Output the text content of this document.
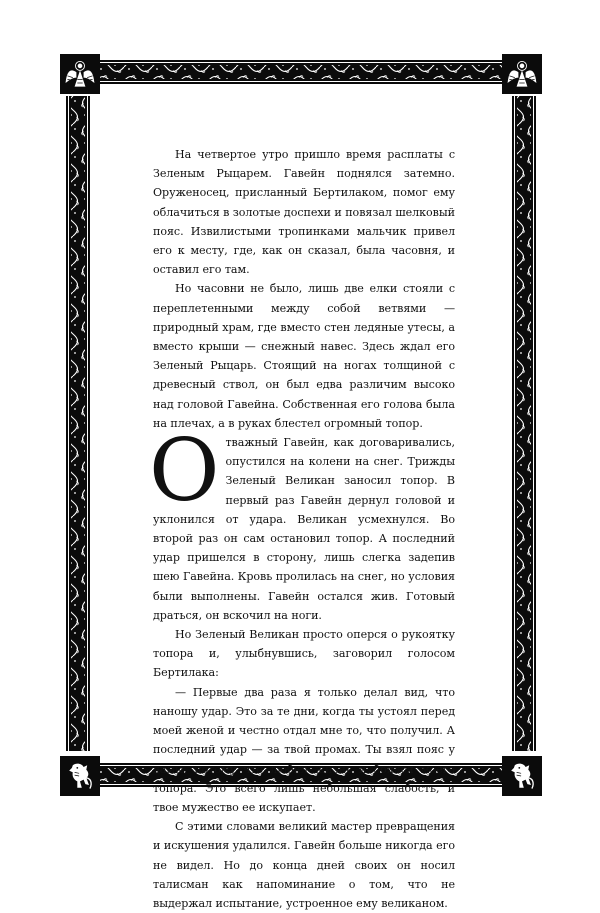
На четвертое утро пришло время расплаты с Зеленым Рыцарем. Гавейн поднялся затемно. Оруженосец, присланный Бертилаком, помог ему облачиться в золотые доспехи и повязал шелковый пояс. Извилистыми тропинками мальчик привел его к месту, где, как он сказал, была часовня, и оставил его там.

Но часовни не было, лишь две елки стояли с переплетенными между собой ветвями — природный храм, где вместо стен ледяные утесы, а вместо крыши — снежный навес. Здесь ждал его Зеленый Рыцарь. Стоящий на ногах толщиной с древесный ствол, он был едва различим высоко над головой Гавейна. Собственная его голова была на плечах, а в руках блестел огромный топор.

Отважный Гавейн, как договаривались, опустился на колени на снег. Трижды Зеленый Великан заносил топор. В первый раз Гавейн дернул головой и уклонился от удара. Великан усмехнулся. Во второй раз он сам остановил топор. А последний удар пришелся в сторону, лишь слегка задепив шею Гавейна. Кровь пролилась на снег, но условия были выполнены. Гавейн остался жив. Готовый драться, он вскочил на ноги.

Но Зеленый Великан просто оперся о рукоятку топора и, улыбнувшись, заговорил голосом Бертилака:

— Первые два раза я только делал вид, что наношу удар. Это за те дни, когда ты устоял перед моей женой и честно отдал мне то, что получил. А последний удар — за твой промах. Ты взял пояс у дамы, потому что любил жизнь и боялся моего топора. Это всего лишь небольшая слабость, и твое мужество ее искупает.

С этими словами великий мастер превращения и искушения удалился. Гавейн больше никогда его не видел. Но до конца дней своих он носил талисман как напоминание о том, что не выдержал испытание, устроенное ему великаном.
